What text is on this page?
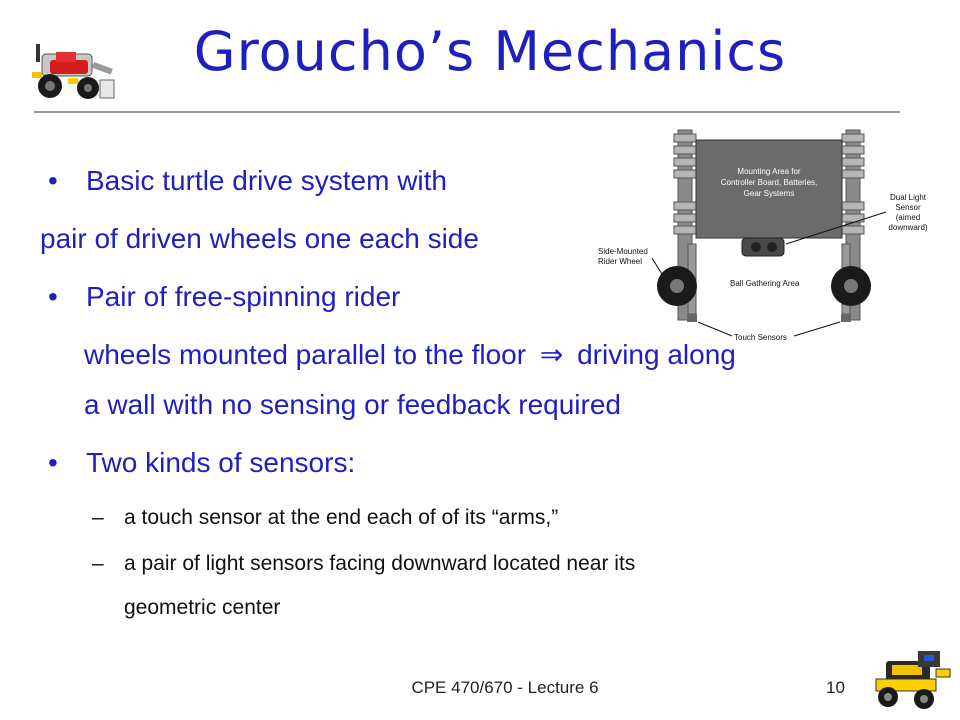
Groucho’s Mechanics
•	Basic turtle drive system with
pair of driven wheels one each side
•	Pair of free-spinning rider
wheels mounted parallel to the floor ⇒ driving along
a wall with no sensing or feedback required
•	Two kinds of sensors:
– a touch sensor at the end each of of its “arms,”
– a pair of light sensors facing downward located near its
geometric center
Mounting Area for
Controller Board, Batteries,
Gear Systems	Dual Light
Sensor
(aimed
downward)
Side-Mounted
Rider Wheel
Ball Gathering Area
Touch Sensors
CPE 470/670 - Lecture 6	10
